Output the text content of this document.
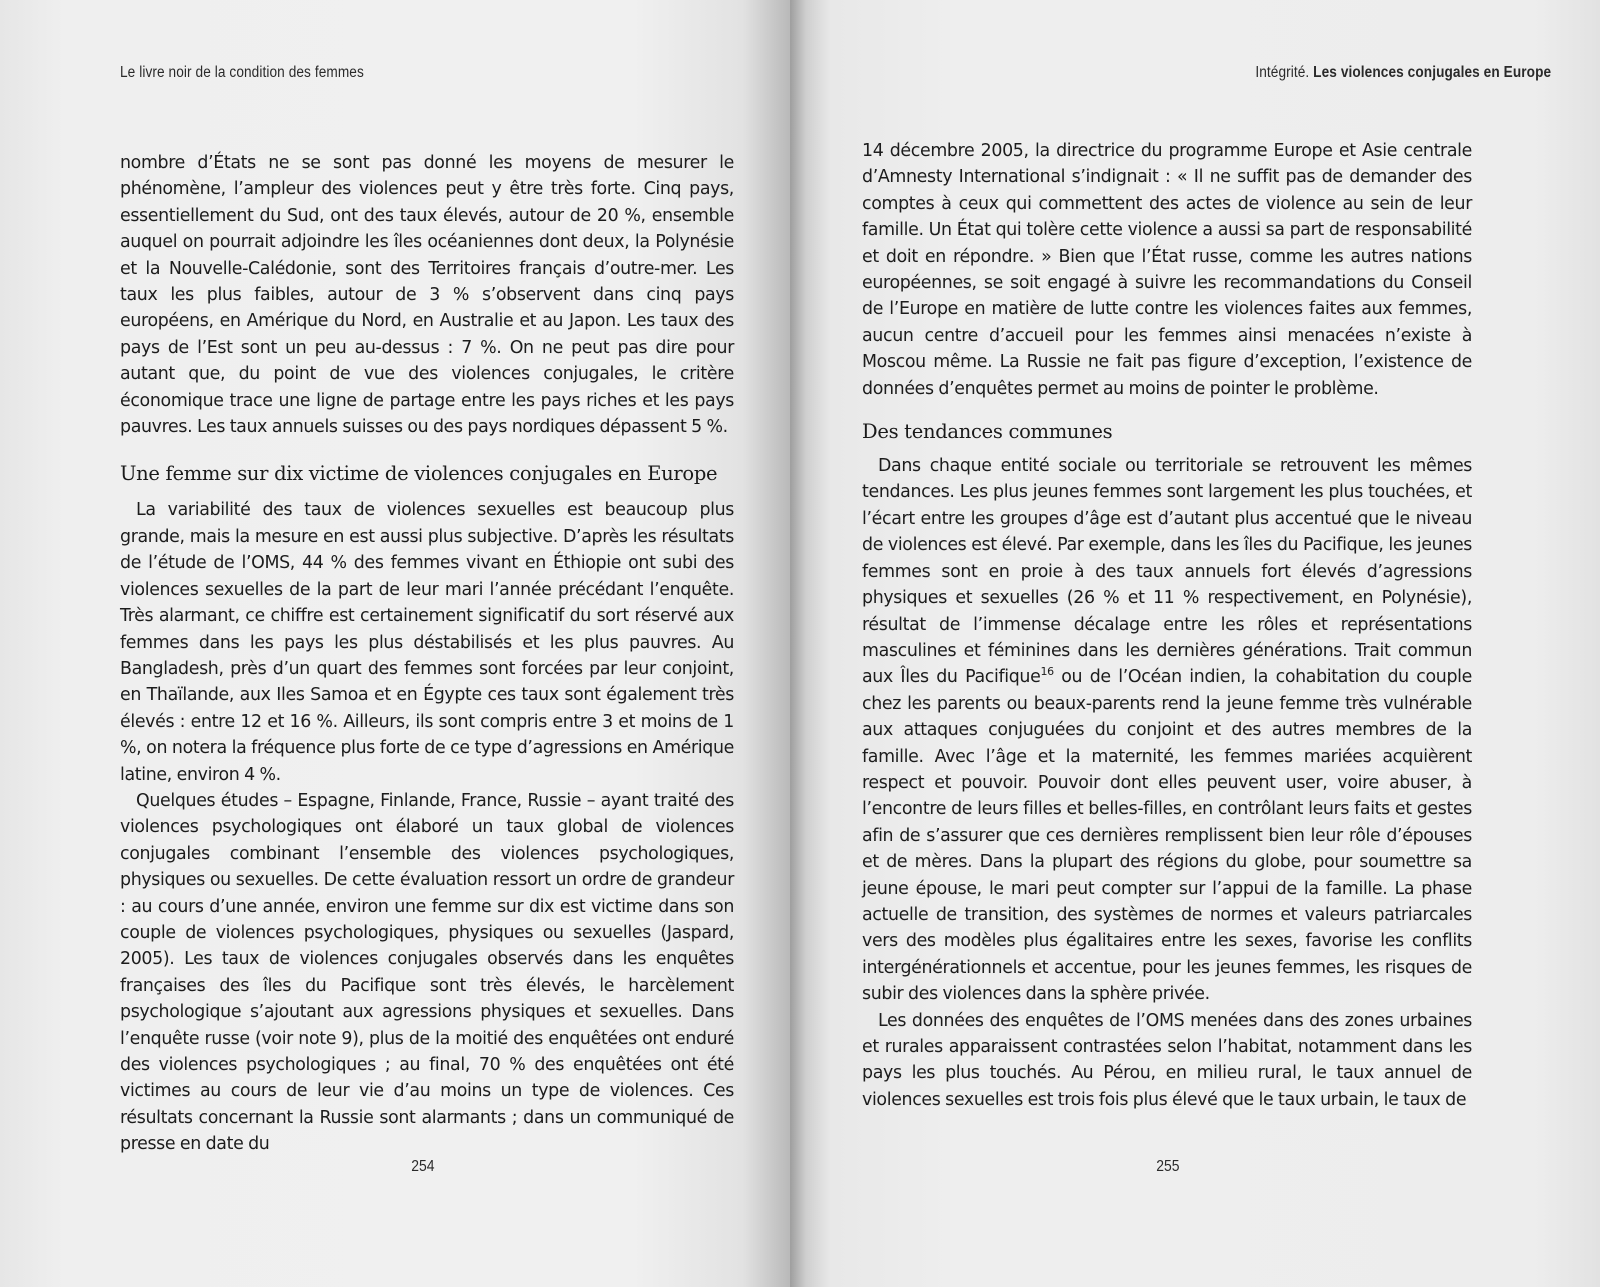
Le livre noir de la condition des femmes

nombre d’États ne se sont pas donné les moyens de mesurer le phénomène, l’ampleur des violences peut y être très forte. Cinq pays, essentiellement du Sud, ont des taux élevés, autour de 20 %, ensemble auquel on pourrait adjoindre les îles océaniennes dont deux, la Polynésie et la Nouvelle-Calédonie, sont des Territoires français d’outre-mer. Les taux les plus faibles, autour de 3 % s’observent dans cinq pays européens, en Amérique du Nord, en Australie et au Japon. Les taux des pays de l’Est sont un peu au-dessus : 7 %. On ne peut pas dire pour autant que, du point de vue des violences conjugales, le critère économique trace une ligne de partage entre les pays riches et les pays pauvres. Les taux annuels suisses ou des pays nordiques dépassent 5 %.

Une femme sur dix victime de violences conjugales en Europe

La variabilité des taux de violences sexuelles est beaucoup plus grande, mais la mesure en est aussi plus subjective. D’après les résultats de l’étude de l’OMS, 44 % des femmes vivant en Éthiopie ont subi des violences sexuelles de la part de leur mari l’année précédant l’enquête. Très alarmant, ce chiffre est certainement significatif du sort réservé aux femmes dans les pays les plus déstabilisés et les plus pauvres. Au Bangladesh, près d’un quart des femmes sont forcées par leur conjoint, en Thaïlande, aux Iles Samoa et en Égypte ces taux sont également très élevés : entre 12 et 16 %. Ailleurs, ils sont compris entre 3 et moins de 1 %, on notera la fréquence plus forte de ce type d’agressions en Amérique latine, environ 4 %.

Quelques études – Espagne, Finlande, France, Russie – ayant traité des violences psychologiques ont élaboré un taux global de violences conjugales combinant l’ensemble des violences psychologiques, physiques ou sexuelles. De cette évaluation ressort un ordre de grandeur : au cours d’une année, environ une femme sur dix est victime dans son couple de violences psychologiques, physiques ou sexuelles (Jaspard, 2005). Les taux de violences conjugales observés dans les enquêtes françaises des îles du Pacifique sont très élevés, le harcèlement psychologique s’ajoutant aux agressions physiques et sexuelles. Dans l’enquête russe (voir note 9), plus de la moitié des enquêtées ont enduré des violences psychologiques ; au final, 70 % des enquêtées ont été victimes au cours de leur vie d’au moins un type de violences. Ces résultats concernant la Russie sont alarmants ; dans un communiqué de presse en date du

254
Intégrité. Les violences conjugales en Europe

14 décembre 2005, la directrice du programme Europe et Asie centrale d’Amnesty International s’indignait : « Il ne suffit pas de demander des comptes à ceux qui commettent des actes de violence au sein de leur famille. Un État qui tolère cette violence a aussi sa part de responsabilité et doit en répondre. » Bien que l’État russe, comme les autres nations européennes, se soit engagé à suivre les recommandations du Conseil de l’Europe en matière de lutte contre les violences faites aux femmes, aucun centre d’accueil pour les femmes ainsi menacées n’existe à Moscou même. La Russie ne fait pas figure d’exception, l’existence de données d’enquêtes permet au moins de pointer le problème.

Des tendances communes

Dans chaque entité sociale ou territoriale se retrouvent les mêmes tendances. Les plus jeunes femmes sont largement les plus touchées, et l’écart entre les groupes d’âge est d’autant plus accentué que le niveau de violences est élevé. Par exemple, dans les îles du Pacifique, les jeunes femmes sont en proie à des taux annuels fort élevés d’agressions physiques et sexuelles (26 % et 11 % respectivement, en Polynésie), résultat de l’immense décalage entre les rôles et représentations masculines et féminines dans les dernières générations. Trait commun aux Îles du Pacifique$^{16}$ ou de l’Océan indien, la cohabitation du couple chez les parents ou beaux-parents rend la jeune femme très vulnérable aux attaques conjuguées du conjoint et des autres membres de la famille. Avec l’âge et la maternité, les femmes mariées acquièrent respect et pouvoir. Pouvoir dont elles peuvent user, voire abuser, à l’encontre de leurs filles et belles-filles, en contrôlant leurs faits et gestes afin de s’assurer que ces dernières remplissent bien leur rôle d’épouses et de mères. Dans la plupart des régions du globe, pour soumettre sa jeune épouse, le mari peut compter sur l’appui de la famille. La phase actuelle de transition, des systèmes de normes et valeurs patriarcales vers des modèles plus égalitaires entre les sexes, favorise les conflits intergénérationnels et accentue, pour les jeunes femmes, les risques de subir des violences dans la sphère privée.

Les données des enquêtes de l’OMS menées dans des zones urbaines et rurales apparaissent contrastées selon l’habitat, notamment dans les pays les plus touchés. Au Pérou, en milieu rural, le taux annuel de violences sexuelles est trois fois plus élevé que le taux urbain, le taux de

255
